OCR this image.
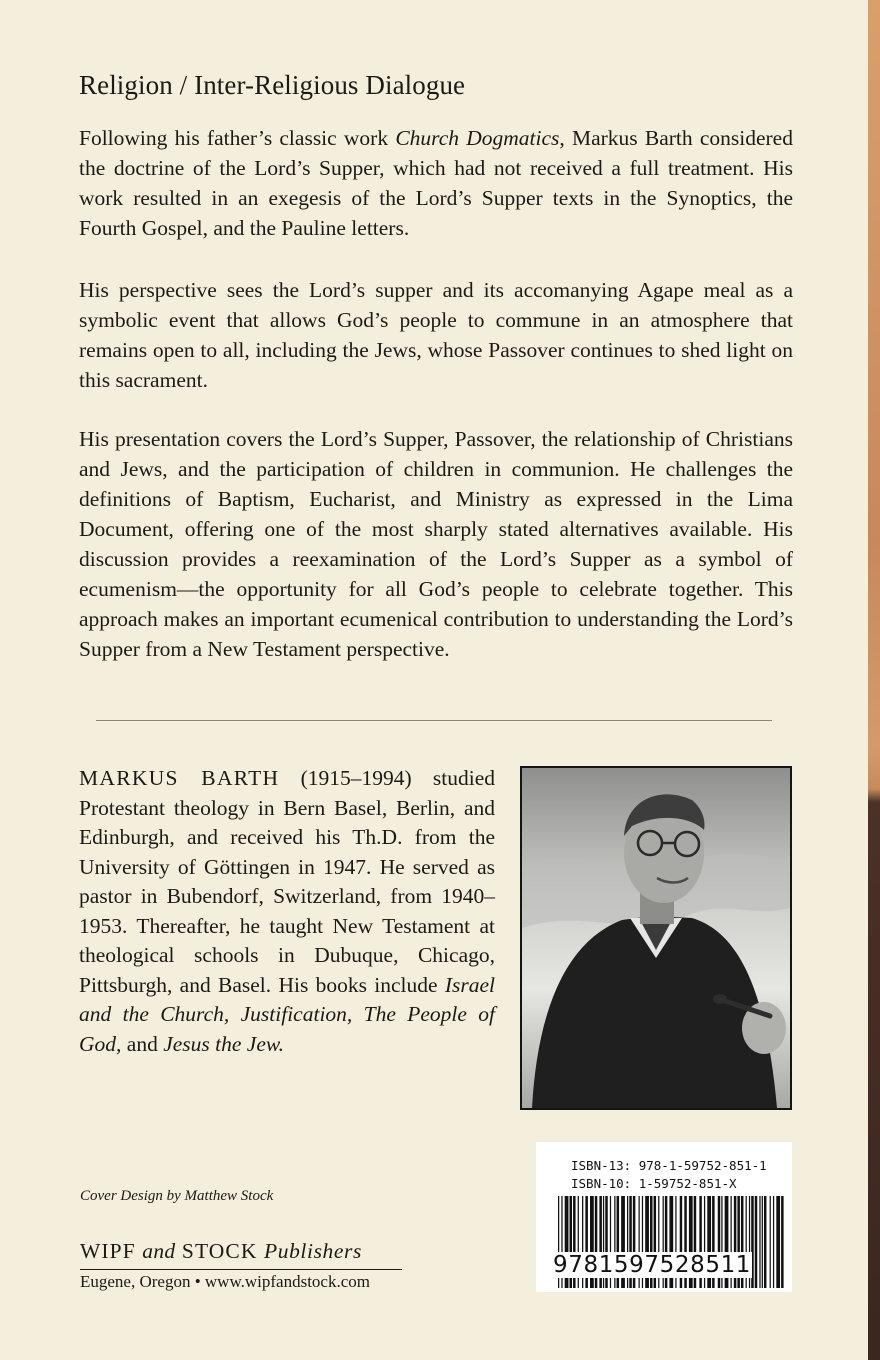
Religion / Inter-Religious Dialogue

Following his father’s classic work Church Dogmatics, Markus Barth considered the doctrine of the Lord’s Supper, which had not received a full treatment. His work resulted in an exegesis of the Lord’s Supper texts in the Synoptics, the Fourth Gospel, and the Pauline letters.

His perspective sees the Lord’s supper and its accomanying Agape meal as a symbolic event that allows God’s people to commune in an atmosphere that remains open to all, including the Jews, whose Passover continues to shed light on this sacrament.

His presentation covers the Lord’s Supper, Passover, the relationship of Christians and Jews, and the participation of children in communion. He challenges the definitions of Baptism, Eucharist, and Ministry as expressed in the Lima Document, offering one of the most sharply stated alternatives available. His discussion provides a reexamination of the Lord’s Supper as a symbol of ecumenism—the opportunity for all God’s people to celebrate together. This approach makes an important ecumenical contribution to understanding the Lord’s Supper from a New Testament perspective.

MARKUS BARTH (1915–1994) studied Protestant theology in Bern Basel, Berlin, and Edinburgh, and received his Th.D. from the University of Göttingen in 1947. He served as pastor in Bubendorf, Switzerland, from 1940–1953. Thereafter, he taught New Testament at theological schools in Dubuque, Chicago, Pittsburgh, and Basel. His books include Israel and the Church, Justification, The People of God, and Jesus the Jew.

ISBN-13: 978-1-59752-851-1
ISBN-10: 1-59752-851-X
9781597528511
Cover Design by Matthew Stock
WIPF and STOCK Publishers
Eugene, Oregon • www.wipfandstock.com
